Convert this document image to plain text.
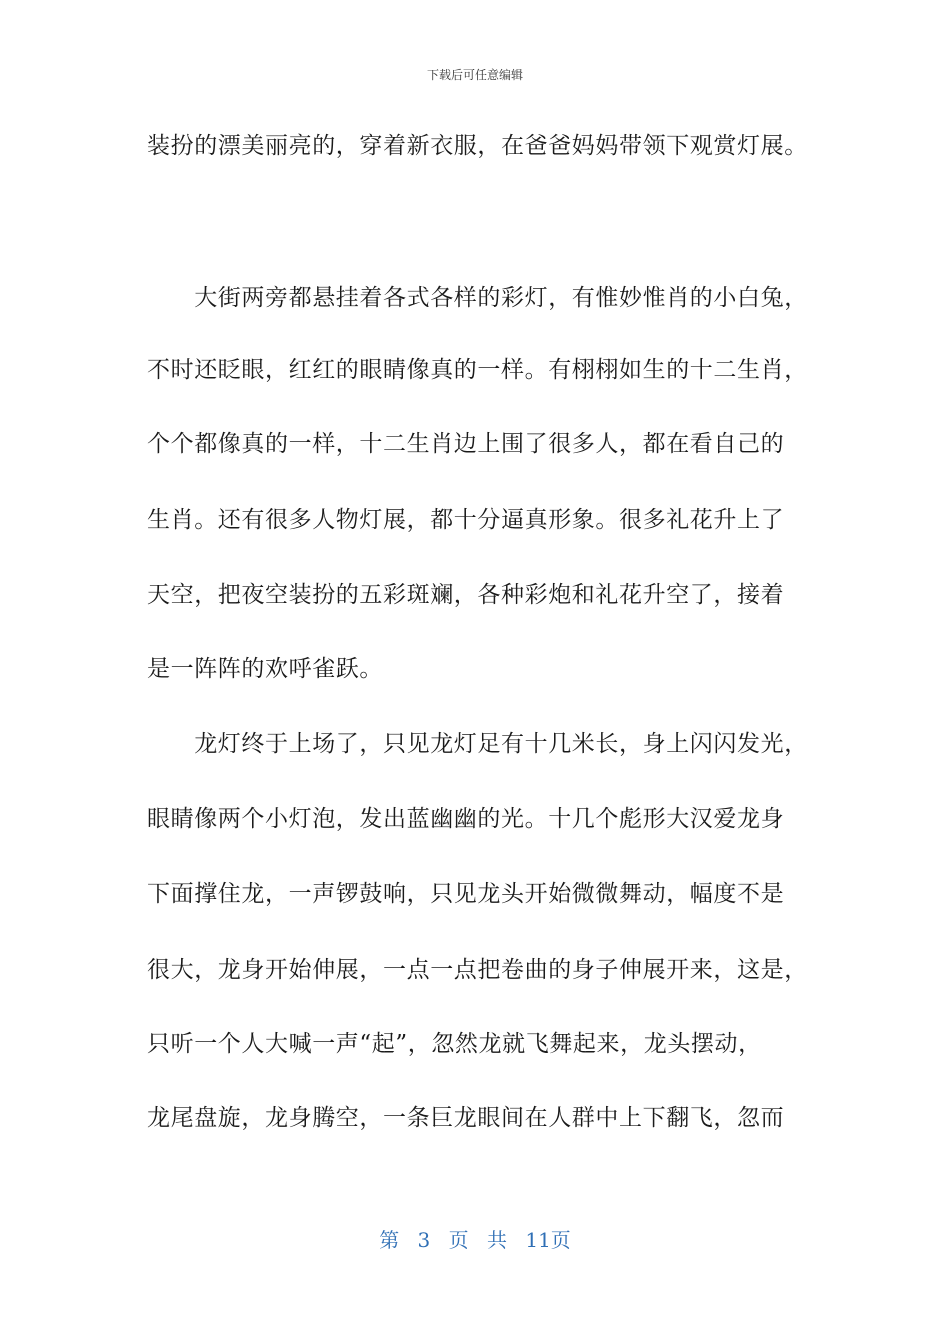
下载后可任意编辑
装扮的漂美丽亮的，穿着新衣服，在爸爸妈妈带领下观赏灯展。
　　大街两旁都悬挂着各式各样的彩灯，有惟妙惟肖的小白兔，
不时还眨眼，红红的眼睛像真的一样。有栩栩如生的十二生肖，
个个都像真的一样，十二生肖边上围了很多人，都在看自己的
生肖。还有很多人物灯展，都十分逼真形象。很多礼花升上了
天空，把夜空装扮的五彩斑斓，各种彩炮和礼花升空了，接着
是一阵阵的欢呼雀跃。
　　龙灯终于上场了，只见龙灯足有十几米长，身上闪闪发光，
眼睛像两个小灯泡，发出蓝幽幽的光。十几个彪形大汉爱龙身
下面撑住龙，一声锣鼓响，只见龙头开始微微舞动，幅度不是
很大，龙身开始伸展，一点一点把卷曲的身子伸展开来，这是，
只听一个人大喊一声“起”，忽然龙就飞舞起来，龙头摆动，
龙尾盘旋，龙身腾空，一条巨龙眼间在人群中上下翻飞，忽而
第 3 页 共 11页
